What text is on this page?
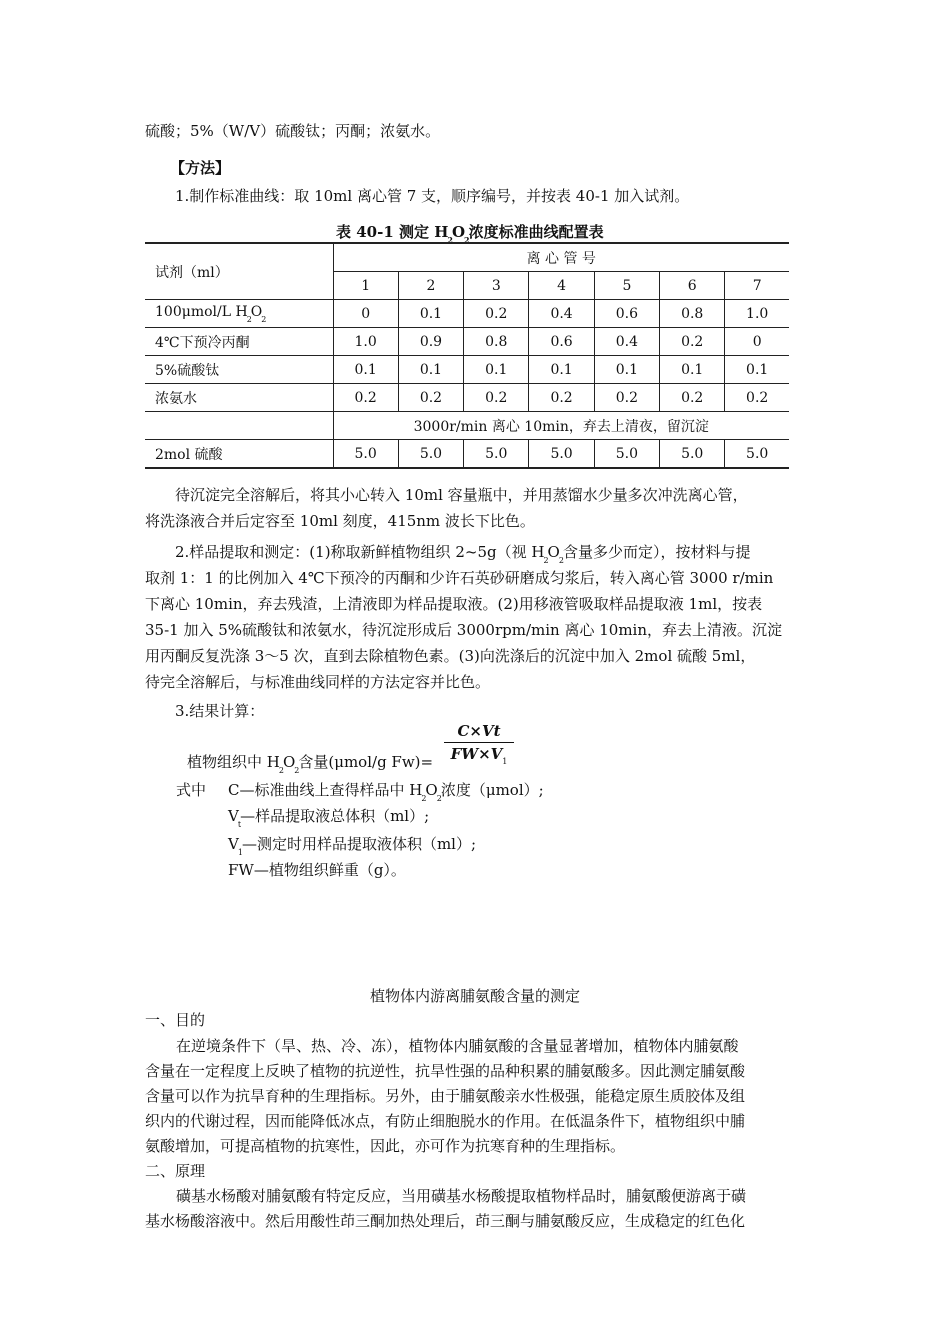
硫酸；5%（W/V）硫酸钛；丙酮；浓氨水。
【方法】
1.制作标准曲线：取 10ml 离心管 7 支，顺序编号，并按表 40-1 加入试剂。
表 40-1 测定 $H_2O_2$浓度标准曲线配置表
试剂（ml）	离 心 管 号						
	1	2	3	4	5	6	7
100μmol/L $H_2O_2$	0	0.1	0.2	0.4	0.6	0.8	1.0
4℃下预冷丙酮	1.0	0.9	0.8	0.6	0.4	0.2	0
5%硫酸钛	0.1	0.1	0.1	0.1	0.1	0.1	0.1
浓氨水	0.2	0.2	0.2	0.2	0.2	0.2	0.2
	3000r/min 离心 10min，弃去上清夜，留沉淀						
2mol 硫酸	5.0	5.0	5.0	5.0	5.0	5.0	5.0
待沉淀完全溶解后，将其小心转入 10ml 容量瓶中，并用蒸馏水少量多次冲洗离心管，
将洗涤液合并后定容至 10ml 刻度，415nm 波长下比色。
2.样品提取和测定：(1)称取新鲜植物组织 2~5g（视 $H_2O_2$含量多少而定），按材料与提
取剂 1：1 的比例加入 4℃下预冷的丙酮和少许石英砂研磨成匀浆后，转入离心管 3000 r/min
下离心 10min，弃去残渣，上清液即为样品提取液。(2)用移液管吸取样品提取液 1ml，按表
35-1 加入 5%硫酸钛和浓氨水，待沉淀形成后 3000rpm/min 离心 10min，弃去上清液。沉淀
用丙酮反复洗涤 3～5 次，直到去除植物色素。(3)向洗涤后的沉淀中加入 2mol 硫酸 5ml，
待完全溶解后，与标准曲线同样的方法定容并比色。
3.结果计算：
$\frac{C\times Vt}{FW\times V_1}$
植物组织中 $H_2O_2$含量(μmol/g Fw)=
式中 C—标准曲线上查得样品中 $H_2O_2$浓度（μmol）;
$V_t—$样品提取液总体积（ml）;
$V_1—$测定时用样品提取液体积（ml）;
FW—植物组织鲜重（g）。
植物体内游离脯氨酸含量的测定
一、目的
在逆境条件下（旱、热、冷、冻），植物体内脯氨酸的含量显著增加，植物体内脯氨酸
含量在一定程度上反映了植物的抗逆性，抗旱性强的品种积累的脯氨酸多。因此测定脯氨酸
含量可以作为抗旱育种的生理指标。另外，由于脯氨酸亲水性极强，能稳定原生质胶体及组
织内的代谢过程，因而能降低冰点，有防止细胞脱水的作用。在低温条件下，植物组织中脯
氨酸增加，可提高植物的抗寒性，因此，亦可作为抗寒育种的生理指标。
二、原理
磺基水杨酸对脯氨酸有特定反应，当用磺基水杨酸提取植物样品时，脯氨酸便游离于磺
基水杨酸溶液中。然后用酸性茚三酮加热处理后，茚三酮与脯氨酸反应，生成稳定的红色化
